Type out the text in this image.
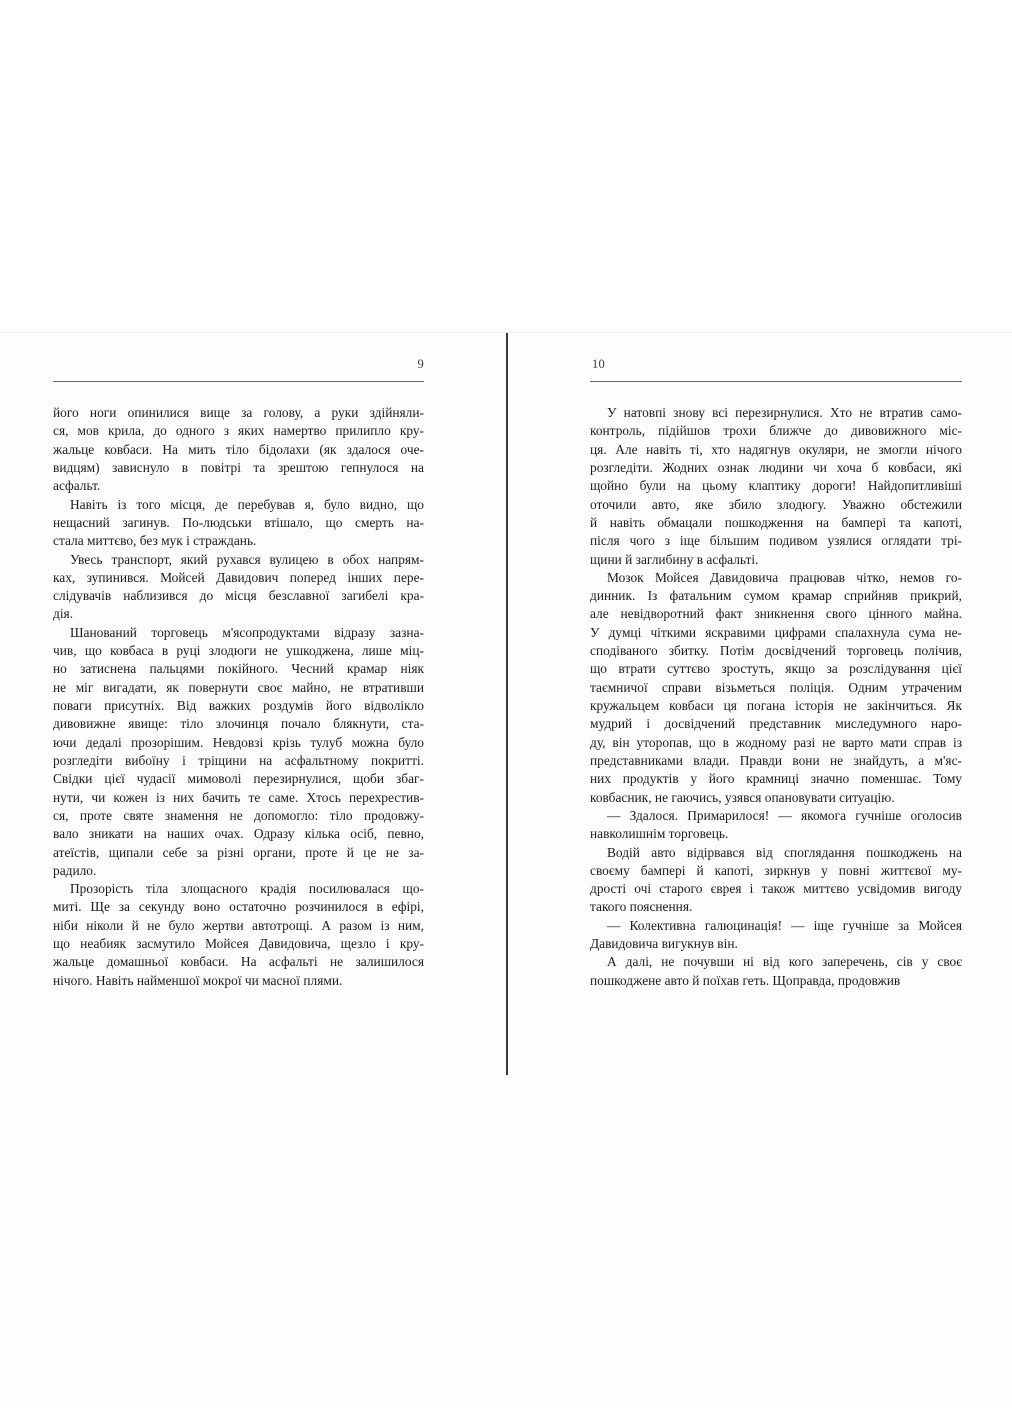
9
його ноги опинилися вище за голову, а руки здійняли-
ся, мов крила, до одного з яких намертво прилипло кру-
жальце ковбаси. На мить тіло бідолахи (як здалося оче-
видцям) зависнуло в повітрі та зрештою гепнулося на
асфальт.
Навіть із того місця, де перебував я, було видно, що
нещасний загинув. По-людськи втішало, що смерть на-
стала миттєво, без мук і страждань.
Увесь транспорт, який рухався вулицею в обох напрям-
ках, зупинився. Мойсей Давидович поперед інших пере-
слідувачів наблизився до місця безславної загибелі кра-
дія.
Шанований торговець м'ясопродуктами відразу зазна-
чив, що ковбаса в руці злодюги не ушкоджена, лише міц-
но затиснена пальцями покійного. Чесний крамар ніяк
не міг вигадати, як повернути своє майно, не втративши
поваги присутніх. Від важких роздумів його відволікло
дивовижне явище: тіло злочинця почало блякнути, ста-
ючи дедалі прозорішим. Невдовзі крізь тулуб можна було
розгледіти вибоїну і тріщини на асфальтному покритті.
Свідки цієї чудасії мимоволі перезирнулися, щоби збаг-
нути, чи кожен із них бачить те саме. Хтось перехрестив-
ся, проте святе знамення не допомогло: тіло продовжу-
вало зникати на наших очах. Одразу кілька осіб, певно,
атеїстів, щипали себе за різні органи, проте й це не за-
радило.
Прозорість тіла злощасного крадія посилювалася що-
миті. Ще за секунду воно остаточно розчинилося в ефірі,
ніби ніколи й не було жертви автотрощі. А разом із ним,
що неабияк засмутило Мойсея Давидовича, щезло і кру-
жальце домашньої ковбаси. На асфальті не залишилося
нічого. Навіть найменшої мокрої чи масної плями.
10
У натовпі знову всі перезирнулися. Хто не втратив само-
контроль, підійшов трохи ближче до дивовижного міс-
ця. Але навіть ті, хто надягнув окуляри, не змогли нічого
розгледіти. Жодних ознак людини чи хоча б ковбаси, які
щойно були на цьому клаптику дороги! Найдопитливіші
оточили авто, яке збило злодюгу. Уважно обстежили
й навіть обмацали пошкодження на бампері та капоті,
після чого з іще більшим подивом узялися оглядати трі-
щини й заглибину в асфальті.
Мозок Мойсея Давидовича працював чітко, немов го-
динник. Із фатальним сумом крамар сприйняв прикрий,
але невідворотний факт зникнення свого цінного майна.
У думці чіткими яскравими цифрами спалахнула сума не-
сподіваного збитку. Потім досвідчений торговець полічив,
що втрати суттєво зростуть, якщо за розслідування цієї
таємничої справи візьметься поліція. Одним утраченим
кружальцем ковбаси ця погана історія не закінчиться. Як
мудрий і досвідчений представник миследумного наро-
ду, він уторопав, що в жодному разі не варто мати справ із
представниками влади. Правди вони не знайдуть, а м'яс-
них продуктів у його крамниці значно поменшає. Тому
ковбасник, не гаючись, узявся опановувати ситуацію.
— Здалося. Примарилося! — якомога гучніше оголосив
навколишнім торговець.
Водій авто відірвався від споглядання пошкоджень на
своєму бампері й капоті, зиркнув у повні життєвої му-
дрості очі старого єврея і також миттєво усвідомив вигоду
такого пояснення.
— Колективна галюцинація! — іще гучніше за Мойсея
Давидовича вигукнув він.
А далі, не почувши ні від кого заперечень, сів у своє
пошкоджене авто й поїхав геть. Щоправда, продовжив
